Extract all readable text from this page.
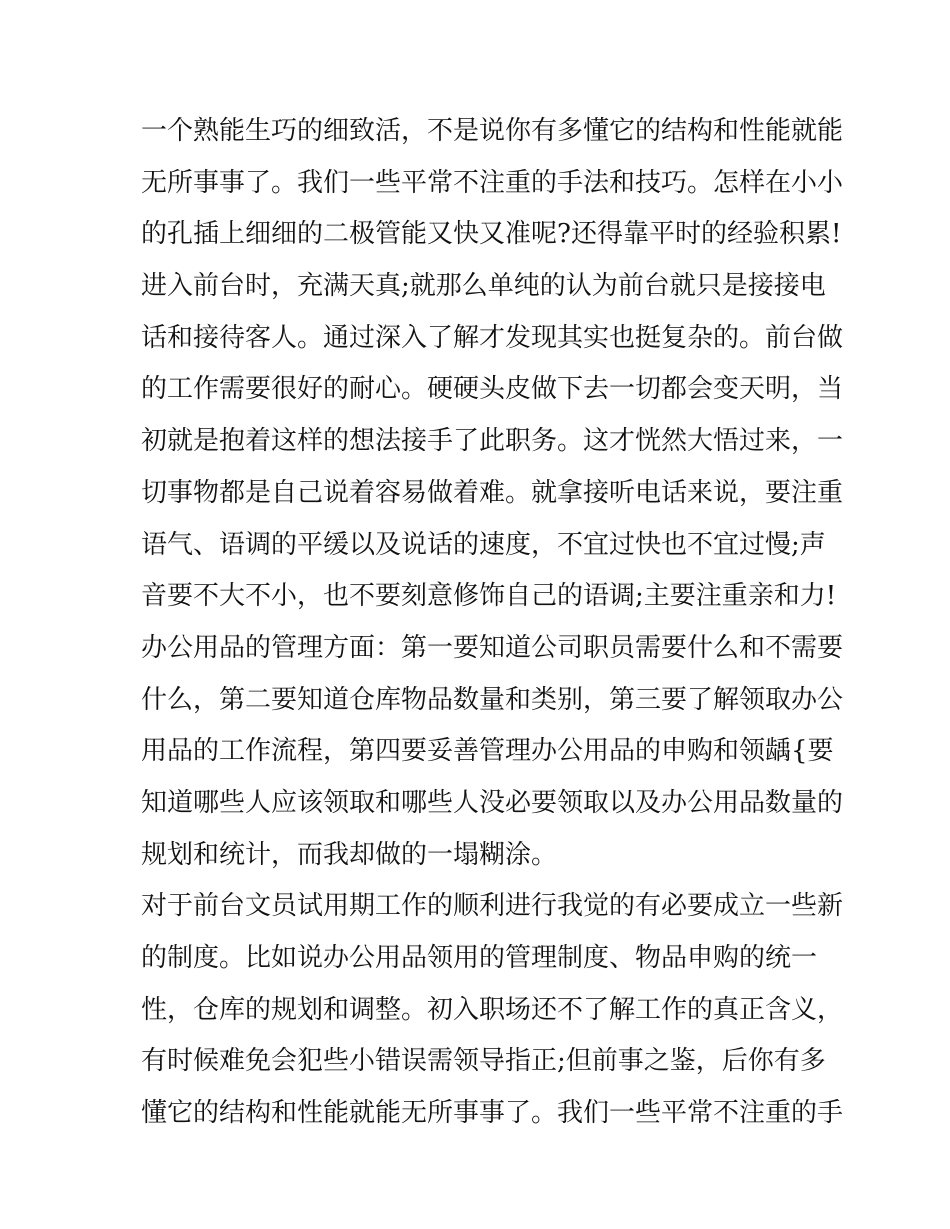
一个熟能生巧的细致活，不是说你有多懂它的结构和性能就能
无所事事了。我们一些平常不注重的手法和技巧。怎样在小小
的孔插上细细的二极管能又快又准呢?还得靠平时的经验积累!
进入前台时，充满天真;就那么单纯的认为前台就只是接接电
话和接待客人。通过深入了解才发现其实也挺复杂的。前台做
的工作需要很好的耐心。硬硬头皮做下去一切都会变天明，当
初就是抱着这样的想法接手了此职务。这才恍然大悟过来，一
切事物都是自己说着容易做着难。就拿接听电话来说，要注重
语气、语调的平缓以及说话的速度，不宜过快也不宜过慢;声
音要不大不小，也不要刻意修饰自己的语调;主要注重亲和力!
办公用品的管理方面：第一要知道公司职员需要什么和不需要
什么，第二要知道仓库物品数量和类别，第三要了解领取办公
用品的工作流程，第四要妥善管理办公用品的申购和领龋{要
知道哪些人应该领取和哪些人没必要领取以及办公用品数量的
规划和统计，而我却做的一塌糊涂。
对于前台文员试用期工作的顺利进行我觉的有必要成立一些新
的制度。比如说办公用品领用的管理制度、物品申购的统一
性，仓库的规划和调整。初入职场还不了解工作的真正含义，
有时候难免会犯些小错误需领导指正;但前事之鉴，后你有多
懂它的结构和性能就能无所事事了。我们一些平常不注重的手
